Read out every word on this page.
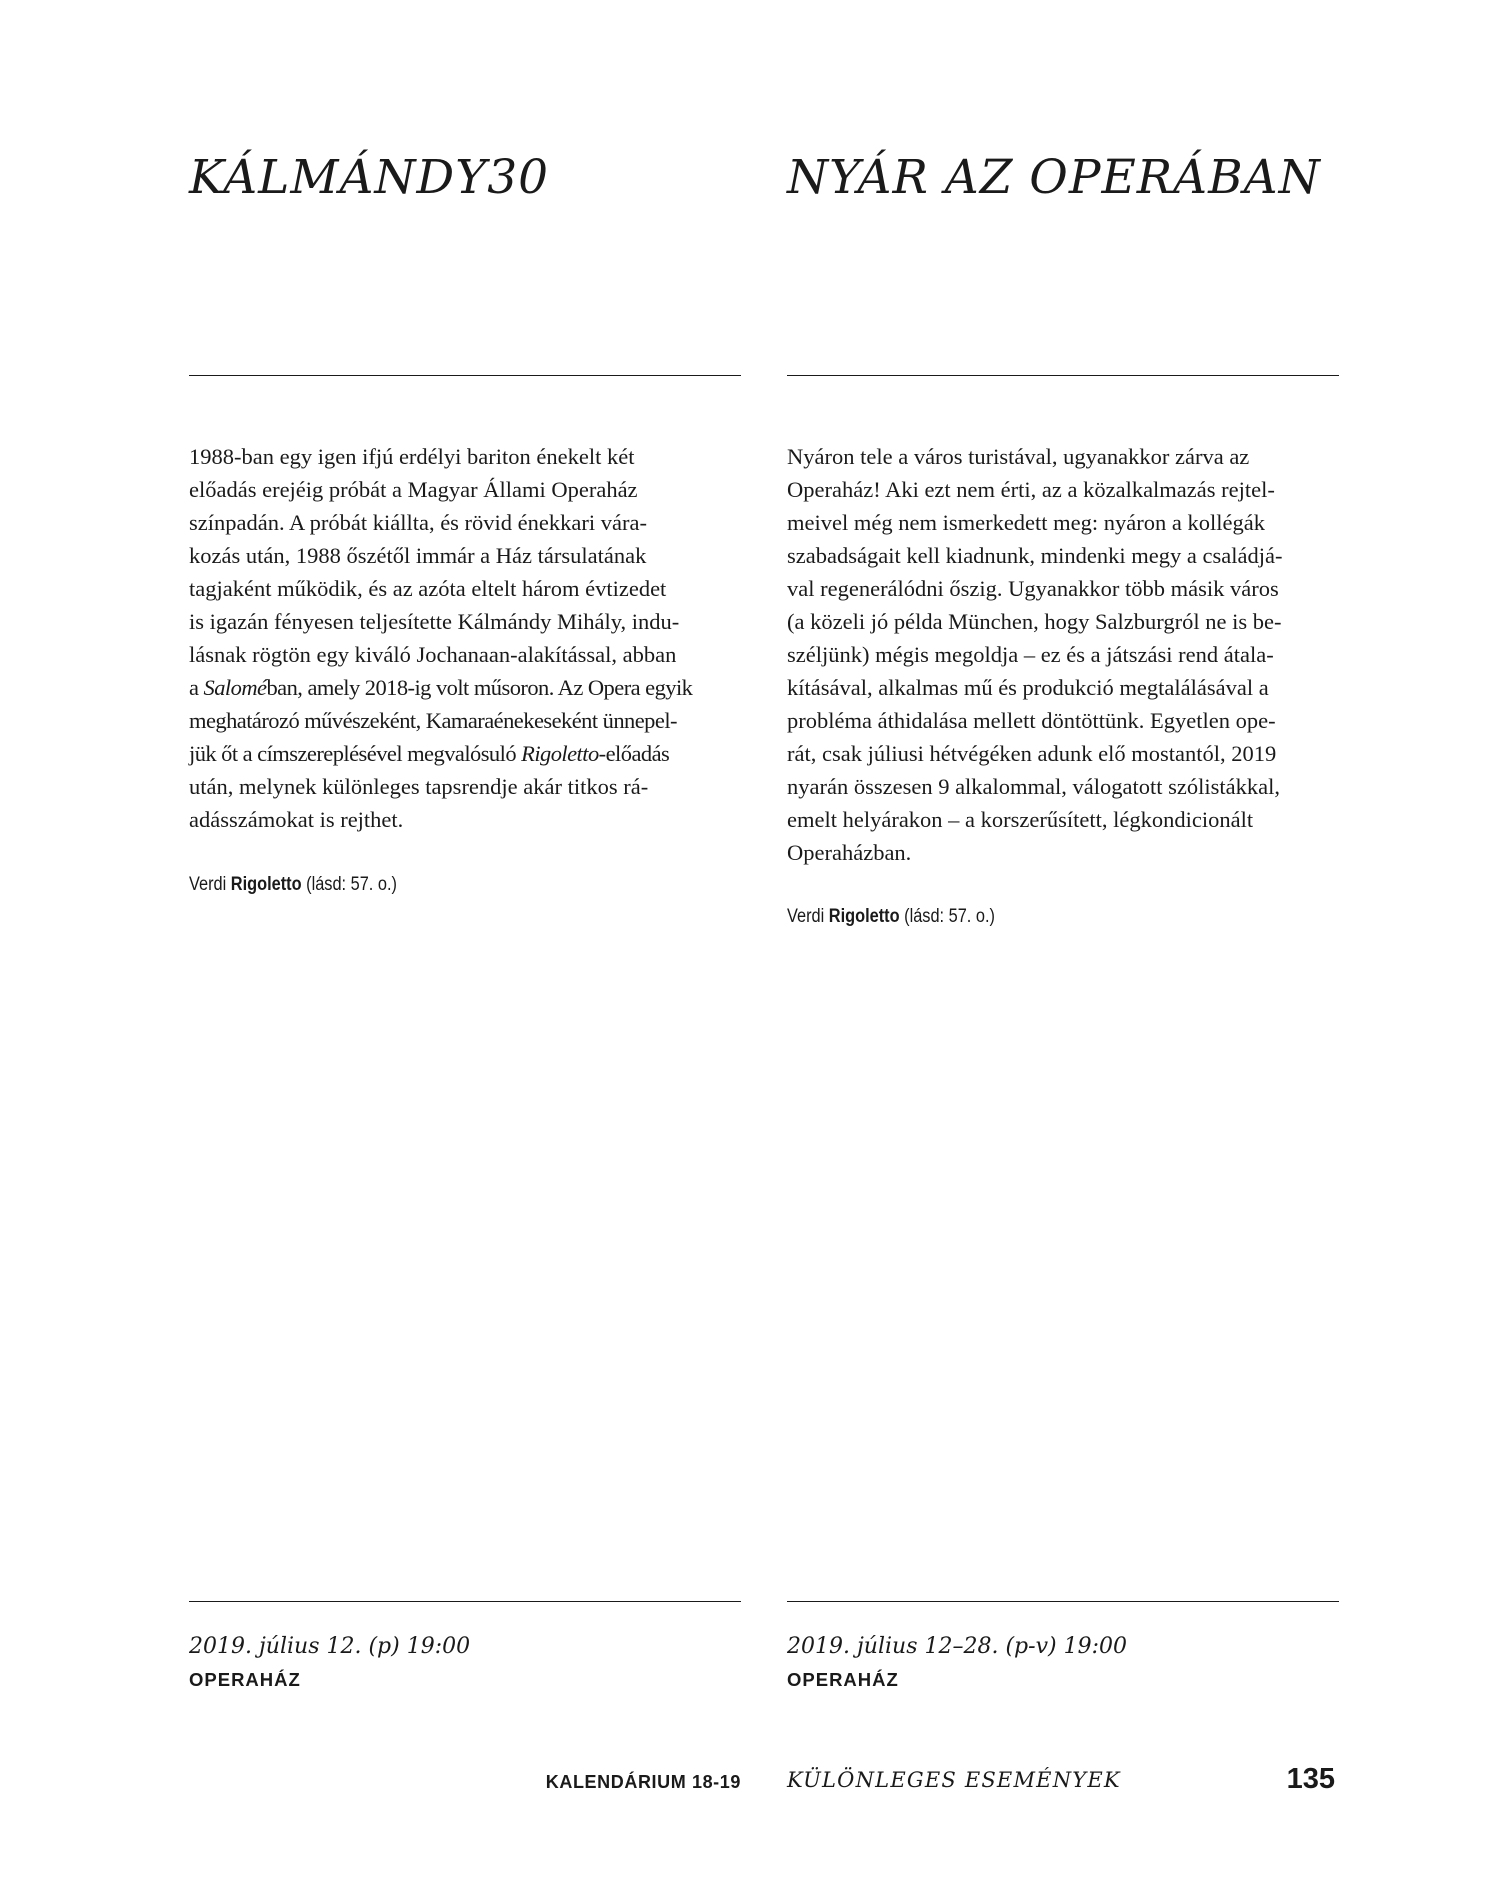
KÁLMÁNDY30

1988-ban egy igen ifjú erdélyi bariton énekelt két
előadás erejéig próbát a Magyar Állami Operaház
színpadán. A próbát kiállta, és rövid énekkari vára-
kozás után, 1988 őszétől immár a Ház társulatának
tagjaként működik, és az azóta eltelt három évtizedet
is igazán fényesen teljesítette Kálmándy Mihály, indu-
lásnak rögtön egy kiváló Jochanaan-alakítással, abban
a Saloméban, amely 2018-ig volt műsoron. Az Opera egyik
meghatározó művészeként, Kamaraénekeseként ünnepel-
jük őt a címszereplésével megvalósuló Rigoletto-előadás
után, melynek különleges tapsrendje akár titkos rá-
adásszámokat is rejthet.

Verdi Rigoletto (lásd: 57. o.)

2019. július 12. (p) 19:00

OPERAHÁZ

NYÁR AZ OPERÁBAN

Nyáron tele a város turistával, ugyanakkor zárva az
Operaház! Aki ezt nem érti, az a közalkalmazás rejtel-
meivel még nem ismerkedett meg: nyáron a kollégák
szabadságait kell kiadnunk, mindenki megy a családjá-
val regenerálódni őszig. Ugyanakkor több másik város
(a közeli jó példa München, hogy Salzburgról ne is be-
széljünk) mégis megoldja – ez és a játszási rend átala-
kításával, alkalmas mű és produkció megtalálásával a
probléma áthidalása mellett döntöttünk. Egyetlen ope-
rát, csak júliusi hétvégéken adunk elő mostantól, 2019
nyarán összesen 9 alkalommal, válogatott szólistákkal,
emelt helyárakon – a korszerűsített, légkondicionált
Operaházban.

Verdi Rigoletto (lásd: 57. o.)

2019. július 12–28. (p-v) 19:00

OPERAHÁZ

KALENDÁRIUM 18-19 KÜLÖNLEGES ESEMÉNYEK	135
